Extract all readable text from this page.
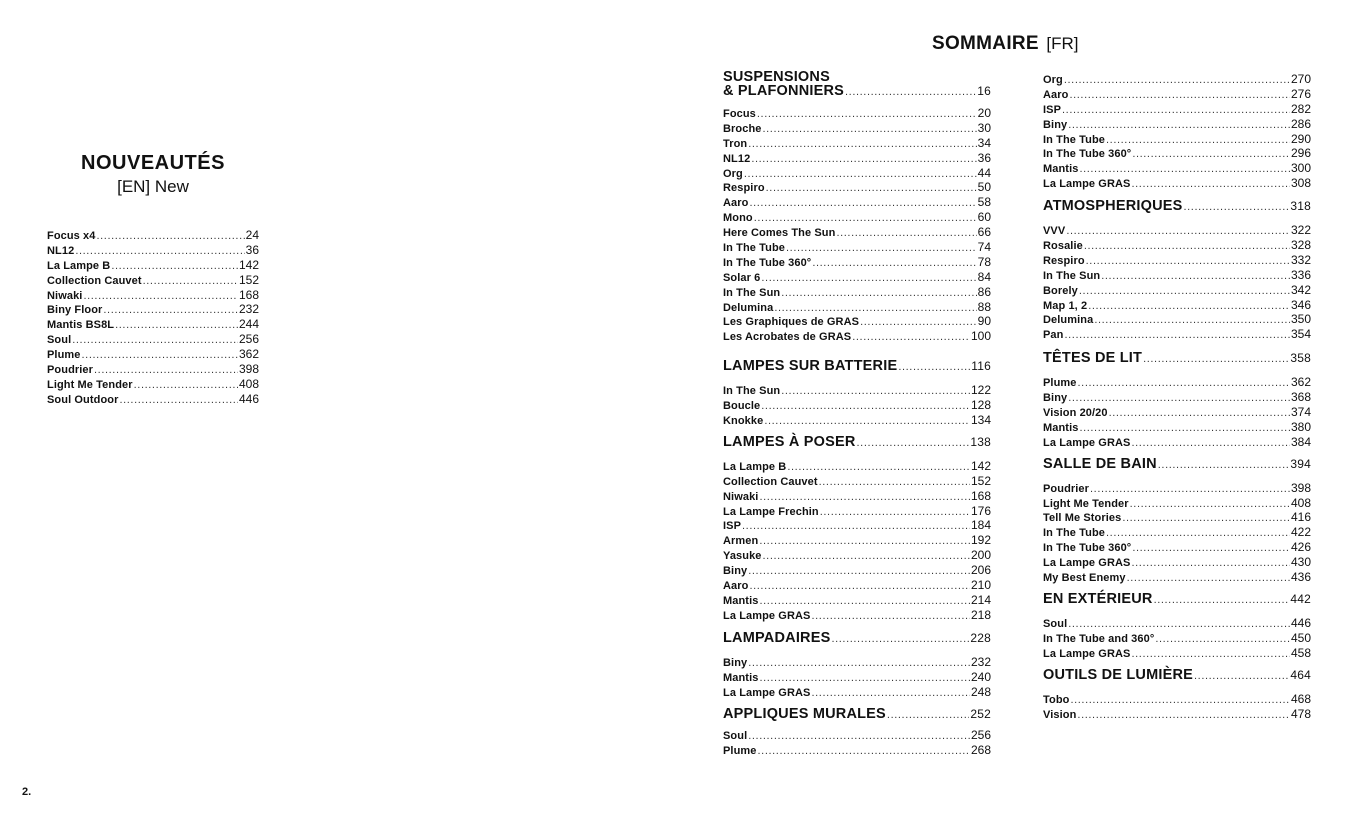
NOUVEAUTÉS
[EN] New
Focus x4 .....	24
NL12 .....	36
La Lampe B .....	142
Collection Cauvet .....	152
Niwaki .....	168
Biny Floor .....	232
Mantis BS8L .....	244
Soul .....	256
Plume .....	362
Poudrier .....	398
Light Me Tender .....	408
Soul Outdoor .....	446
2.
SOMMAIRE [FR]
SUSPENSIONS
& PLAFONNIERS .....	16
Focus .....	20
Broche .....	30
Tron .....	34
NL12 .....	36
Org .....	44
Respiro .....	50
Aaro .....	58
Mono .....	60
Here Comes The Sun .....	66
In The Tube .....	74
In The Tube 360° .....	78
Solar 6 .....	84
In The Sun .....	86
Delumina .....	88
Les Graphiques de GRAS .....	90
Les Acrobates de GRAS .....	100
LAMPES SUR BATTERIE .....	116
In The Sun .....	122
Boucle .....	128
Knokke .....	134
LAMPES À POSER .....	138
La Lampe B .....	142
Collection Cauvet .....	152
Niwaki .....	168
La Lampe Frechin .....	176
ISP .....	184
Armen .....	192
Yasuke .....	200
Biny .....	206
Aaro .....	210
Mantis .....	214
La Lampe GRAS .....	218
LAMPADAIRES .....	228
Biny .....	232
Mantis .....	240
La Lampe GRAS .....	248
APPLIQUES MURALES .....	252
Soul .....	256
Plume .....	268
Org .....	270
Aaro .....	276
ISP .....	282
Biny .....	286
In The Tube .....	290
In The Tube 360° .....	296
Mantis .....	300
La Lampe GRAS .....	308
ATMOSPHERIQUES .....	318
VVV .....	322
Rosalie .....	328
Respiro .....	332
In The Sun .....	336
Borely .....	342
Map 1, 2 .....	346
Delumina .....	350
Pan .....	354
TÊTES DE LIT .....	358
Plume .....	362
Biny .....	368
Vision 20/20 .....	374
Mantis .....	380
La Lampe GRAS .....	384
SALLE DE BAIN .....	394
Poudrier .....	398
Light Me Tender .....	408
Tell Me Stories .....	416
In The Tube .....	422
In The Tube 360° .....	426
La Lampe GRAS .....	430
My Best Enemy .....	436
EN EXTÉRIEUR .....	442
Soul .....	446
In The Tube and 360° .....	450
La Lampe GRAS .....	458
OUTILS DE LUMIÈRE .....	464
Tobo .....	468
Vision .....	478
